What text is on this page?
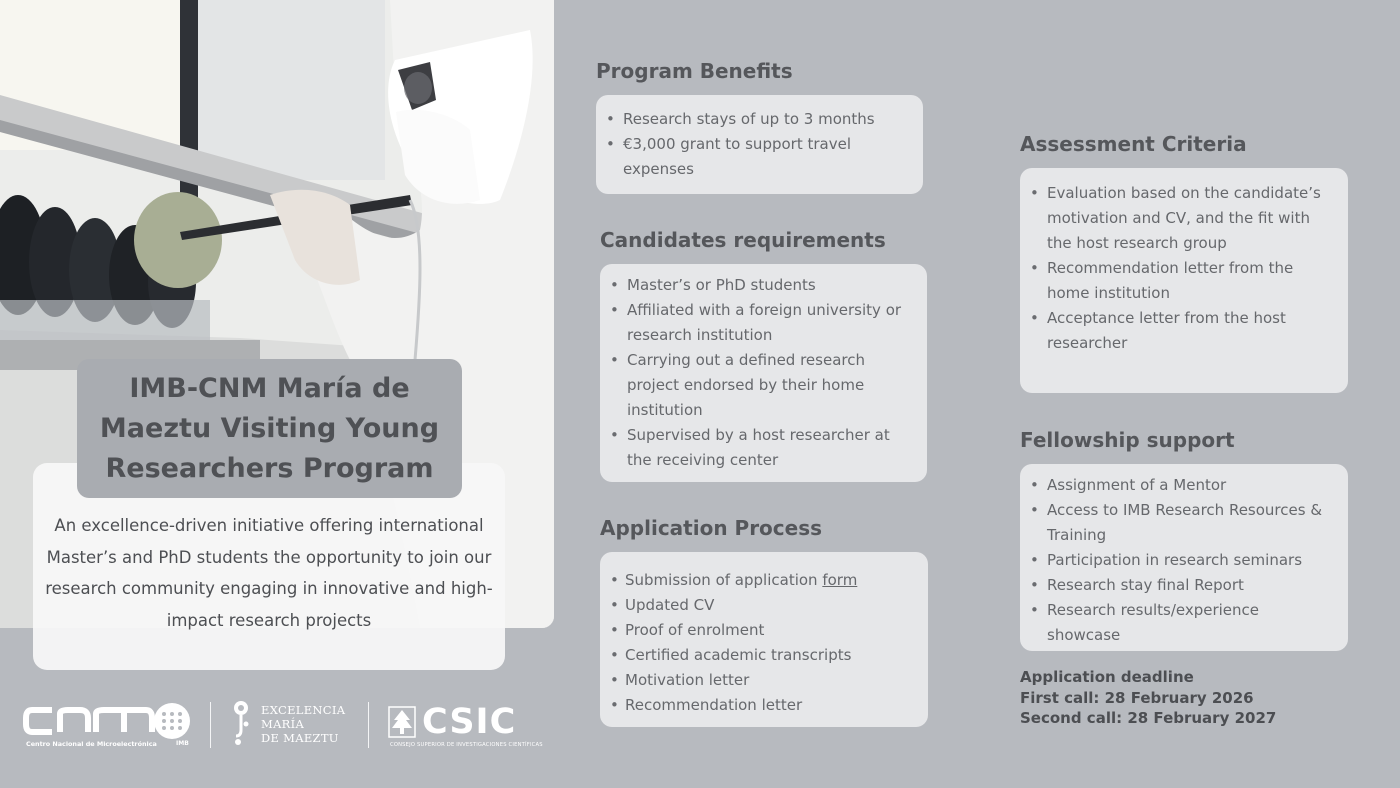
IMB-CNM María de Maeztu Visiting Young Researchers Program

An excellence-driven initiative offering international Master’s and PhD students the opportunity to join our research community engaging in innovative and high-impact research projects

Program Benefits
• Research stays of up to 3 months
• €3,000 grant to support travel expenses
Candidates requirements
• Master’s or PhD students
• Affiliated with a foreign university or research institution
• Carrying out a defined research project endorsed by their home institution
• Supervised by a host researcher at the receiving center
Application Process
• Submission of application form
• Updated CV
• Proof of enrolment
• Certified academic transcripts
• Motivation letter
• Recommendation letter
Assessment Criteria
• Evaluation based on the candidate’s motivation and CV, and the fit with the host research group
• Recommendation letter from the home institution
• Acceptance letter from the host researcher
Fellowship support
• Assignment of a Mentor
• Access to IMB Research Resources & Training
• Participation in research seminars
• Research stay final Report
• Research results/experience showcase
Application deadline
First call: 28 February 2026
Second call: 28 February 2027
Centro Nacional de Microelectrónica	IMB
EXCELENCIA
MARÍA
DE MAEZTU CSIC
CONSEJO SUPERIOR DE INVESTIGACIONES CIENTÍFICAS
